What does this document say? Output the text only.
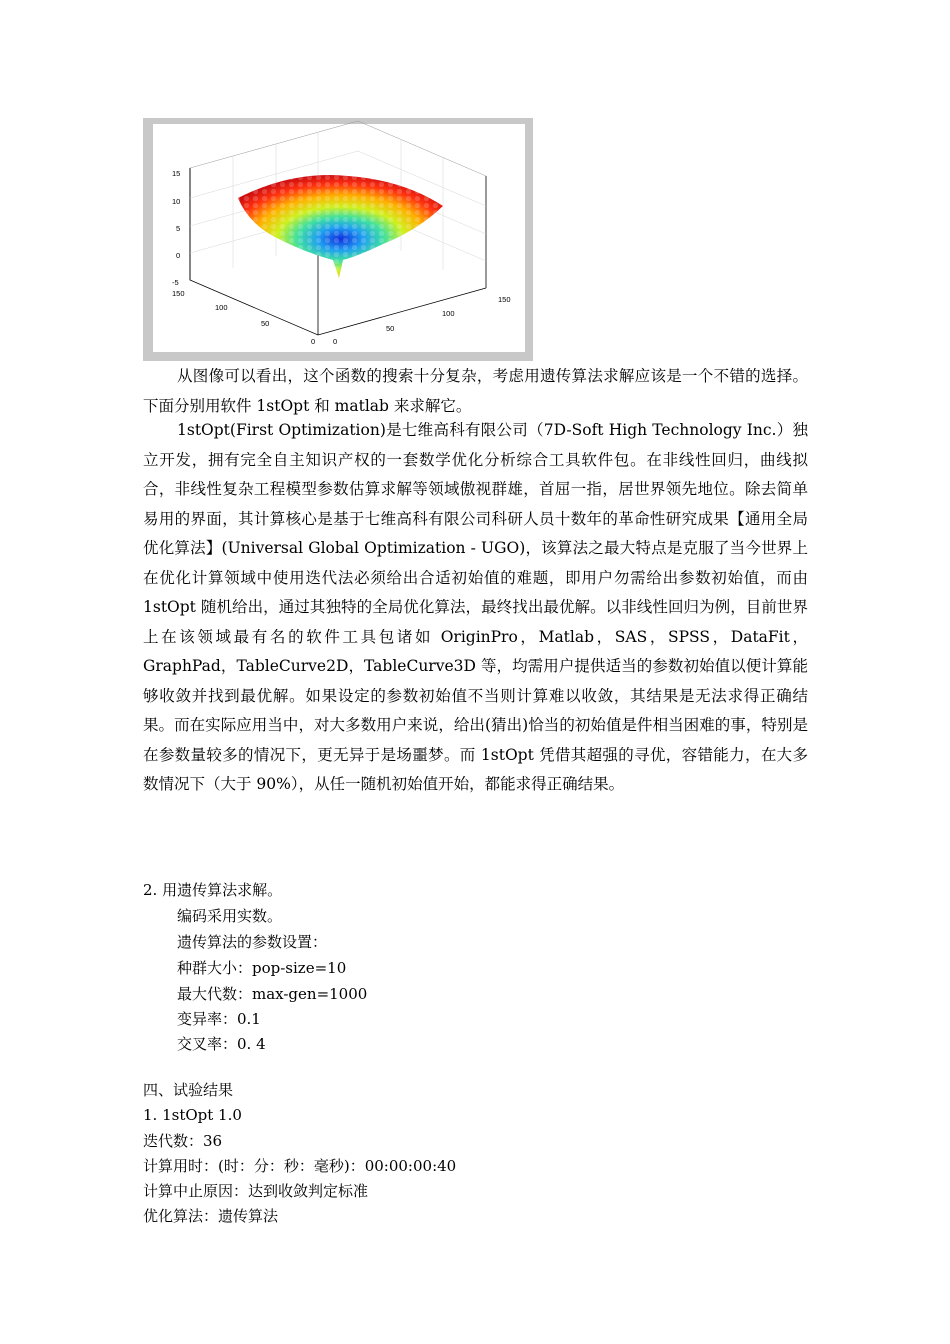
15
10
5
0
-5
150
100
50
0 0
50
100
150

从图像可以看出，这个函数的搜索十分复杂，考虑用遗传算法求解应该是一个不错的选择。下面分别用软件 1stOpt 和 matlab 来求解它。

1stOpt(First Optimization)是七维高科有限公司（7D-Soft High Technology Inc.）独立开发，拥有完全自主知识产权的一套数学优化分析综合工具软件包。在非线性回归，曲线拟合，非线性复杂工程模型参数估算求解等领域傲视群雄，首屈一指，居世界领先地位。除去简单易用的界面，其计算核心是基于七维高科有限公司科研人员十数年的革命性研究成果【通用全局优化算法】(Universal Global Optimization - UGO)，该算法之最大特点是克服了当今世界上在优化计算领域中使用迭代法必须给出合适初始值的难题，即用户勿需给出参数初始值，而由 1stOpt 随机给出，通过其独特的全局优化算法，最终找出最优解。以非线性回归为例，目前世界上在该领域最有名的软件工具包诸如 OriginPro，Matlab，SAS，SPSS，DataFit，GraphPad，TableCurve2D，TableCurve3D 等，均需用户提供适当的参数初始值以便计算能够收敛并找到最优解。如果设定的参数初始值不当则计算难以收敛，其结果是无法求得正确结果。而在实际应用当中，对大多数用户来说，给出(猜出)恰当的初始值是件相当困难的事，特别是在参数量较多的情况下，更无异于是场噩梦。而 1stOpt 凭借其超强的寻优，容错能力，在大多数情况下（大于 90%），从任一随机初始值开始，都能求得正确结果。

2. 用遗传算法求解。

编码采用实数。

遗传算法的参数设置：

种群大小：pop-size=10

最大代数：max-gen=1000

变异率：0.1

交叉率：0. 4

四、试验结果

1. 1stOpt 1.0

迭代数：36

计算用时：(时：分：秒：毫秒)：00:00:00:40

计算中止原因：达到收敛判定标准

优化算法：遗传算法
